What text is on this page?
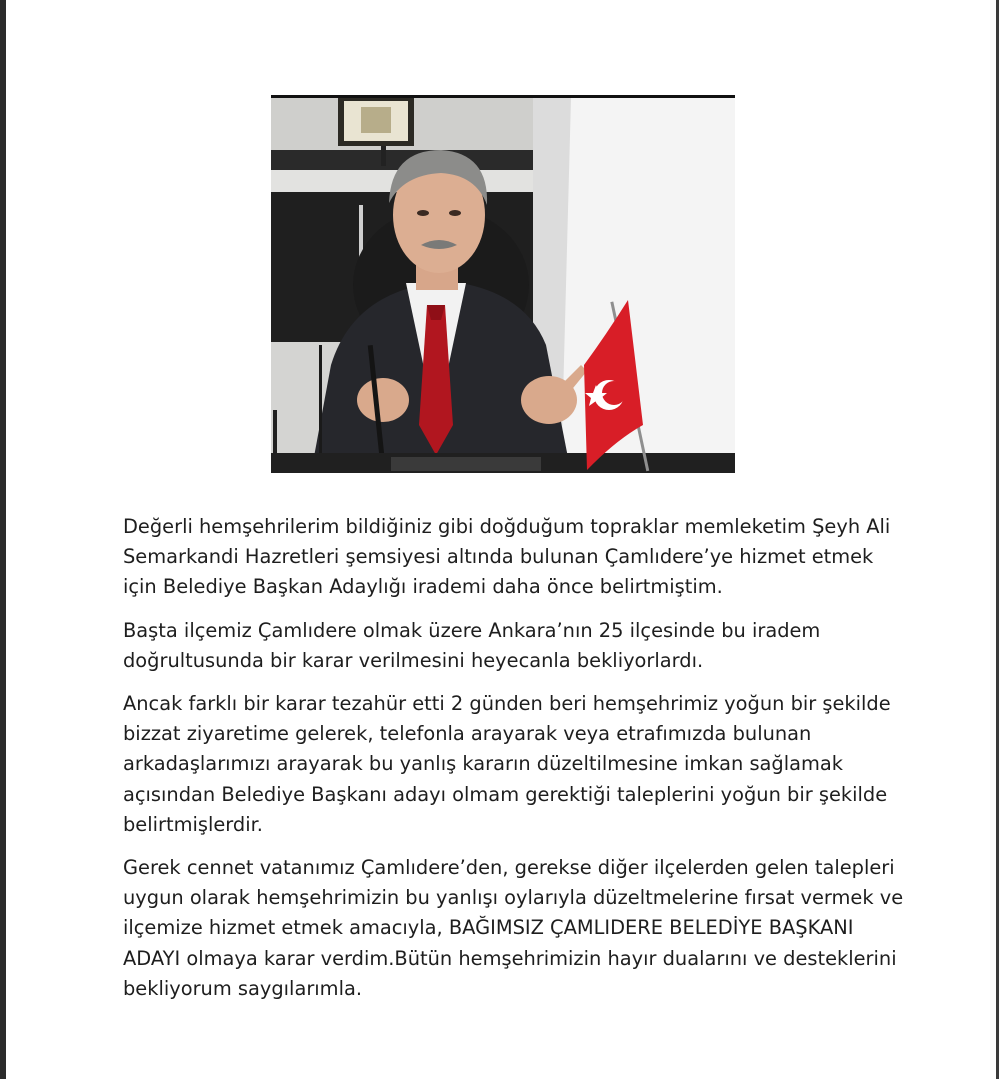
Değerli hemşehrilerim bildiğiniz gibi doğduğum topraklar memleketim Şeyh Ali
Semarkandi Hazretleri şemsiyesi altında bulunan Çamlıdere’ye hizmet etmek
için Belediye Başkan Adaylığı irademi daha önce belirtmiştim.

Başta ilçemiz Çamlıdere olmak üzere Ankara’nın 25 ilçesinde bu iradem
doğrultusunda bir karar verilmesini heyecanla bekliyorlardı.

Ancak farklı bir karar tezahür etti 2 günden beri hemşehrimiz yoğun bir şekilde
bizzat ziyaretime gelerek, telefonla arayarak veya etrafımızda bulunan
arkadaşlarımızı arayarak bu yanlış kararın düzeltilmesine imkan sağlamak
açısından Belediye Başkanı adayı olmam gerektiği taleplerini yoğun bir şekilde
belirtmişlerdir.

Gerek cennet vatanımız Çamlıdere’den, gerekse diğer ilçelerden gelen talepleri
uygun olarak hemşehrimizin bu yanlışı oylarıyla düzeltmelerine fırsat vermek ve
ilçemize hizmet etmek amacıyla, BAĞIMSIZ ÇAMLIDERE BELEDİYE BAŞKANI
ADAYI olmaya karar verdim.Bütün hemşehrimizin hayır dualarını ve desteklerini
bekliyorum saygılarımla.
